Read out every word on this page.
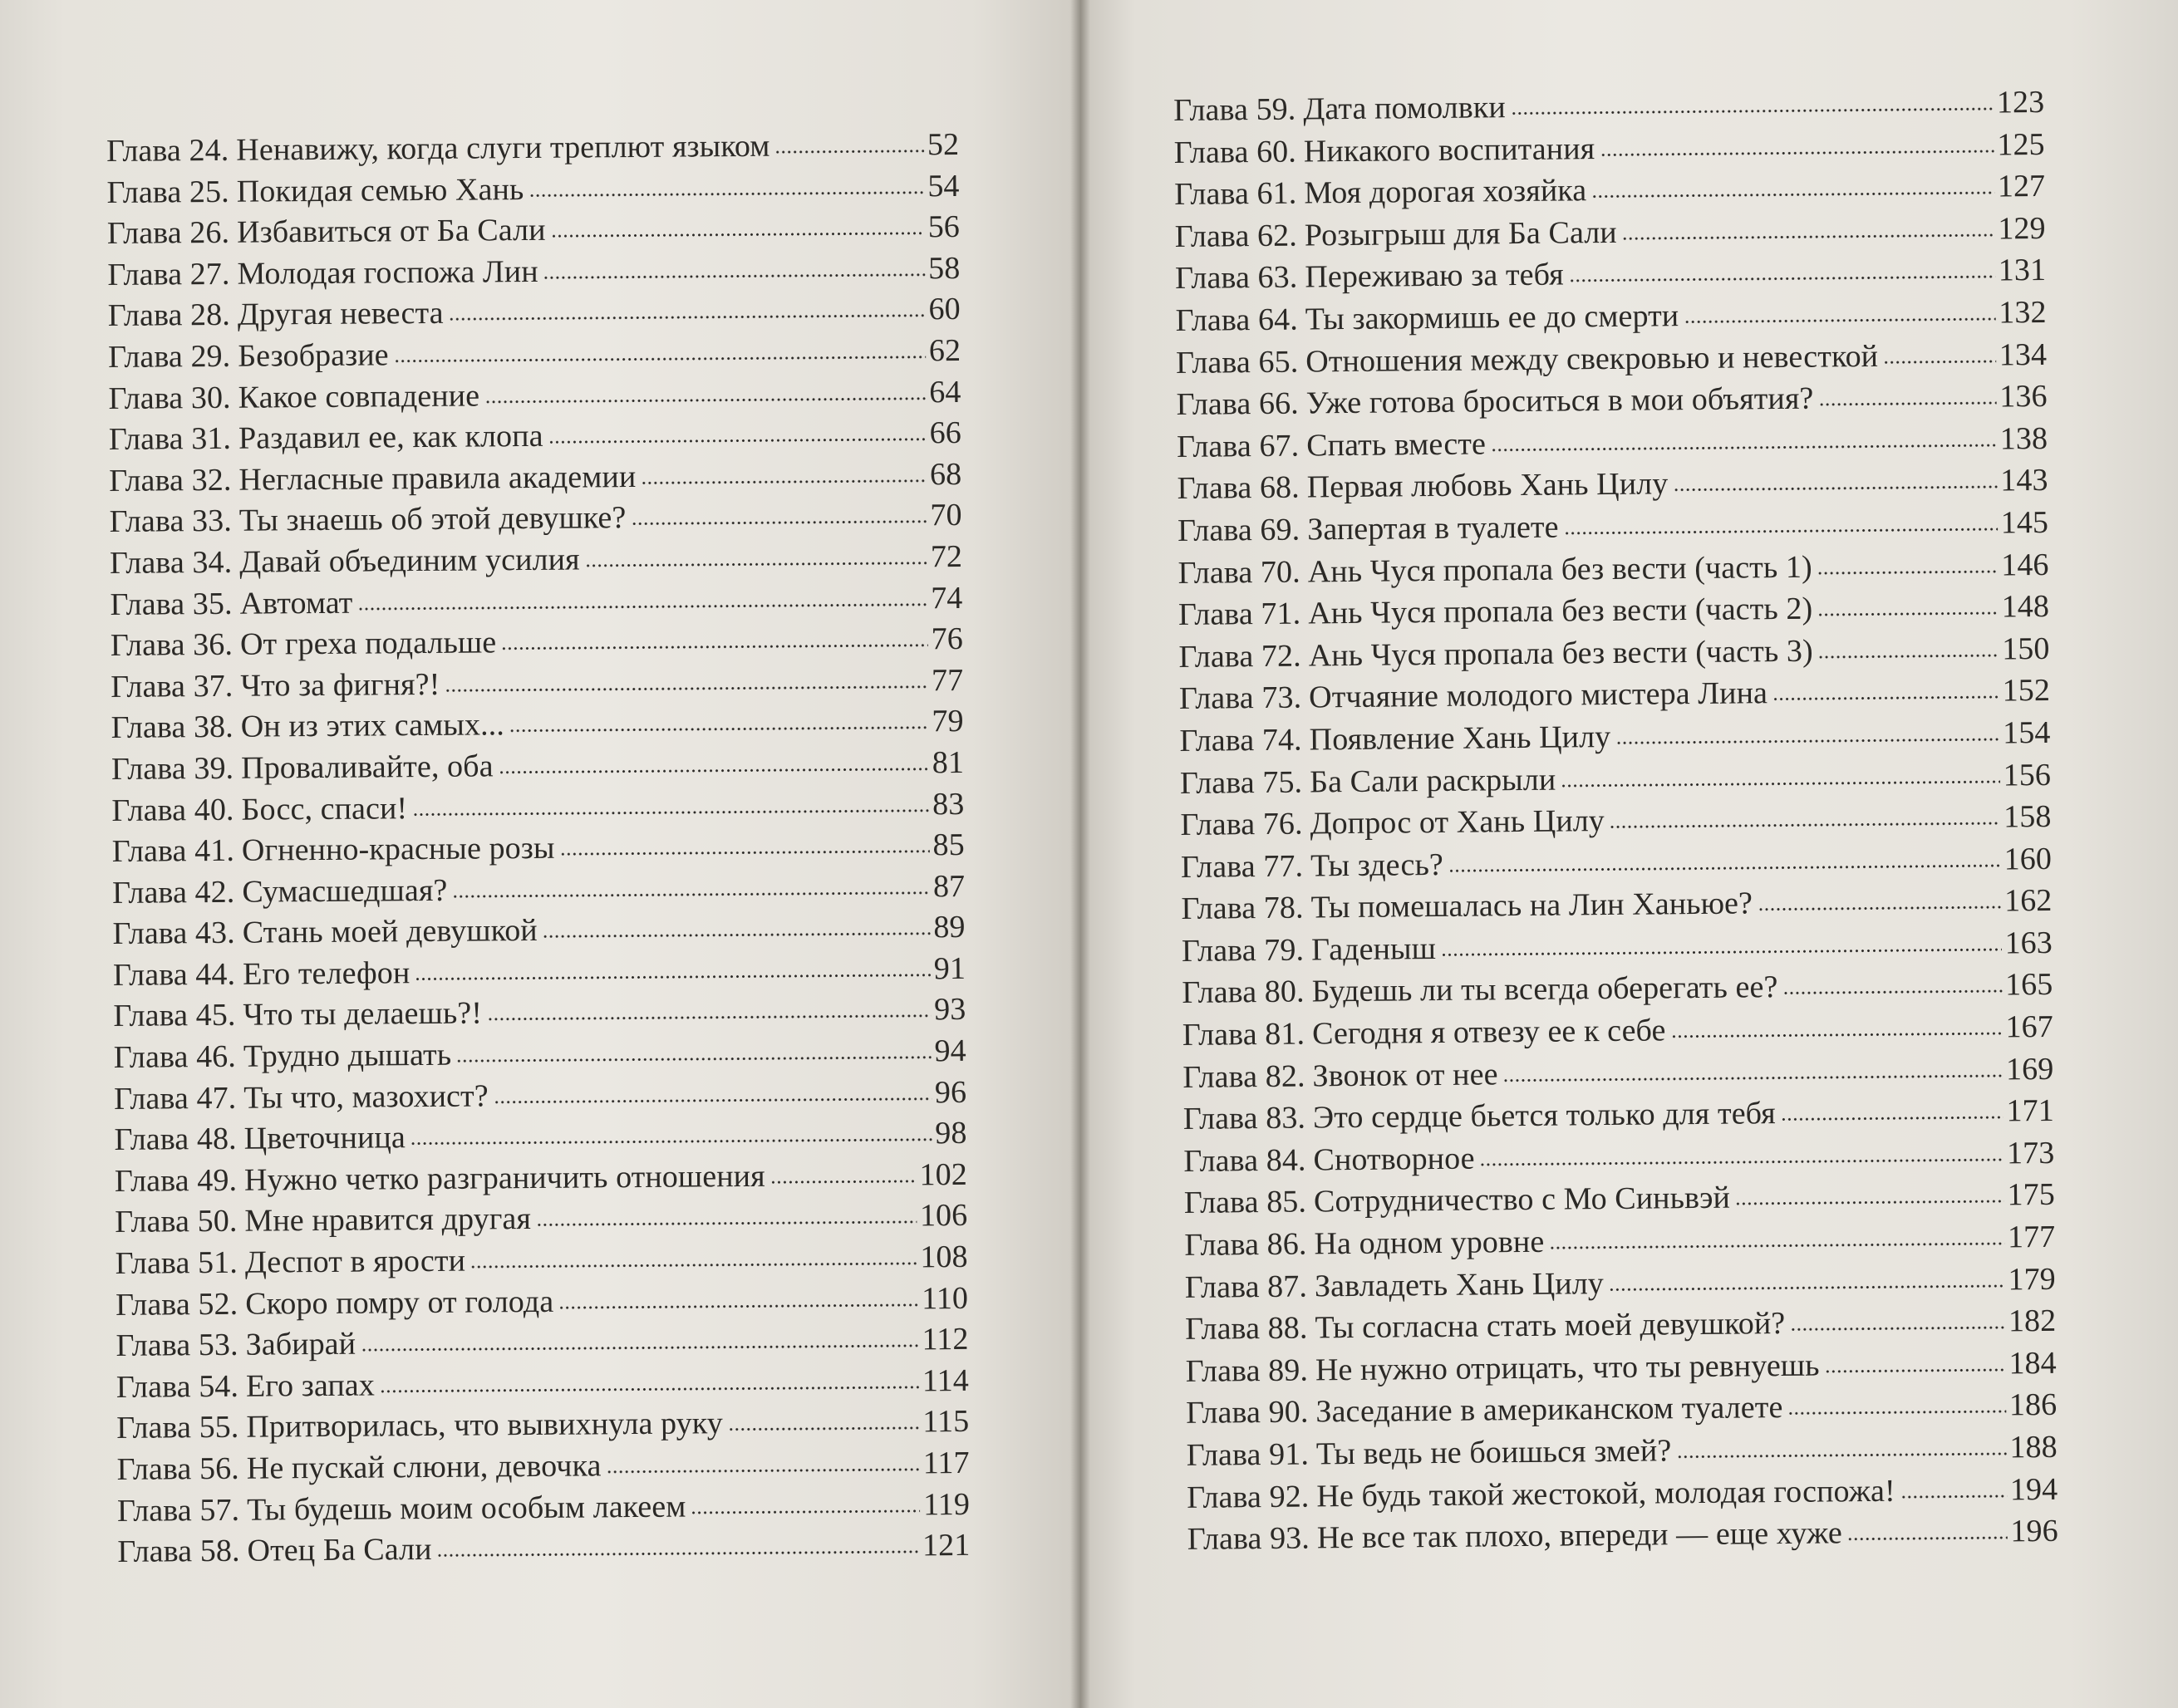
Глава 24. Ненавижу, когда слуги треплют языком	52
Глава 25. Покидая семью Хань	54
Глава 26. Избавиться от Ба Сали	56
Глава 27. Молодая госпожа Лин	58
Глава 28. Другая невеста	60
Глава 29. Безобразие	62
Глава 30. Какое совпадение	64
Глава 31. Раздавил ее, как клопа	66
Глава 32. Негласные правила академии	68
Глава 33. Ты знаешь об этой девушке?	70
Глава 34. Давай объединим усилия	72
Глава 35. Автомат	74
Глава 36. От греха подальше	76
Глава 37. Что за фигня?!	77
Глава 38. Он из этих самых...	79
Глава 39. Проваливайте, оба	81
Глава 40. Босс, спаси!	83
Глава 41. Огненно-красные розы	85
Глава 42. Сумасшедшая?	87
Глава 43. Стань моей девушкой	89
Глава 44. Его телефон	91
Глава 45. Что ты делаешь?!	93
Глава 46. Трудно дышать	94
Глава 47. Ты что, мазохист?	96
Глава 48. Цветочница	98
Глава 49. Нужно четко разграничить отношения	102
Глава 50. Мне нравится другая	106
Глава 51. Деспот в ярости	108
Глава 52. Скоро помру от голода	110
Глава 53. Забирай	112
Глава 54. Его запах	114
Глава 55. Притворилась, что вывихнула руку	115
Глава 56. Не пускай слюни, девочка	117
Глава 57. Ты будешь моим особым лакеем	119
Глава 58. Отец Ба Сали	121
Глава 59. Дата помолвки	123
Глава 60. Никакого воспитания	125
Глава 61. Моя дорогая хозяйка	127
Глава 62. Розыгрыш для Ба Сали	129
Глава 63. Переживаю за тебя	131
Глава 64. Ты закормишь ее до смерти	132
Глава 65. Отношения между свекровью и невесткой	134
Глава 66. Уже готова броситься в мои объятия?	136
Глава 67. Спать вместе	138
Глава 68. Первая любовь Хань Цилу	143
Глава 69. Запертая в туалете	145
Глава 70. Ань Чуся пропала без вести (часть 1)	146
Глава 71. Ань Чуся пропала без вести (часть 2)	148
Глава 72. Ань Чуся пропала без вести (часть 3)	150
Глава 73. Отчаяние молодого мистера Лина	152
Глава 74. Появление Хань Цилу	154
Глава 75. Ба Сали раскрыли	156
Глава 76. Допрос от Хань Цилу	158
Глава 77. Ты здесь?	160
Глава 78. Ты помешалась на Лин Ханьюе?	162
Глава 79. Гаденыш	163
Глава 80. Будешь ли ты всегда оберегать ее?	165
Глава 81. Сегодня я отвезу ее к себе	167
Глава 82. Звонок от нее	169
Глава 83. Это сердце бьется только для тебя	171
Глава 84. Снотворное	173
Глава 85. Сотрудничество с Мо Синьвэй	175
Глава 86. На одном уровне	177
Глава 87. Завладеть Хань Цилу	179
Глава 88. Ты согласна стать моей девушкой?	182
Глава 89. Не нужно отрицать, что ты ревнуешь	184
Глава 90. Заседание в американском туалете	186
Глава 91. Ты ведь не боишься змей?	188
Глава 92. Не будь такой жестокой, молодая госпожа!	194
Глава 93. Не все так плохо, впереди — еще хуже	196
